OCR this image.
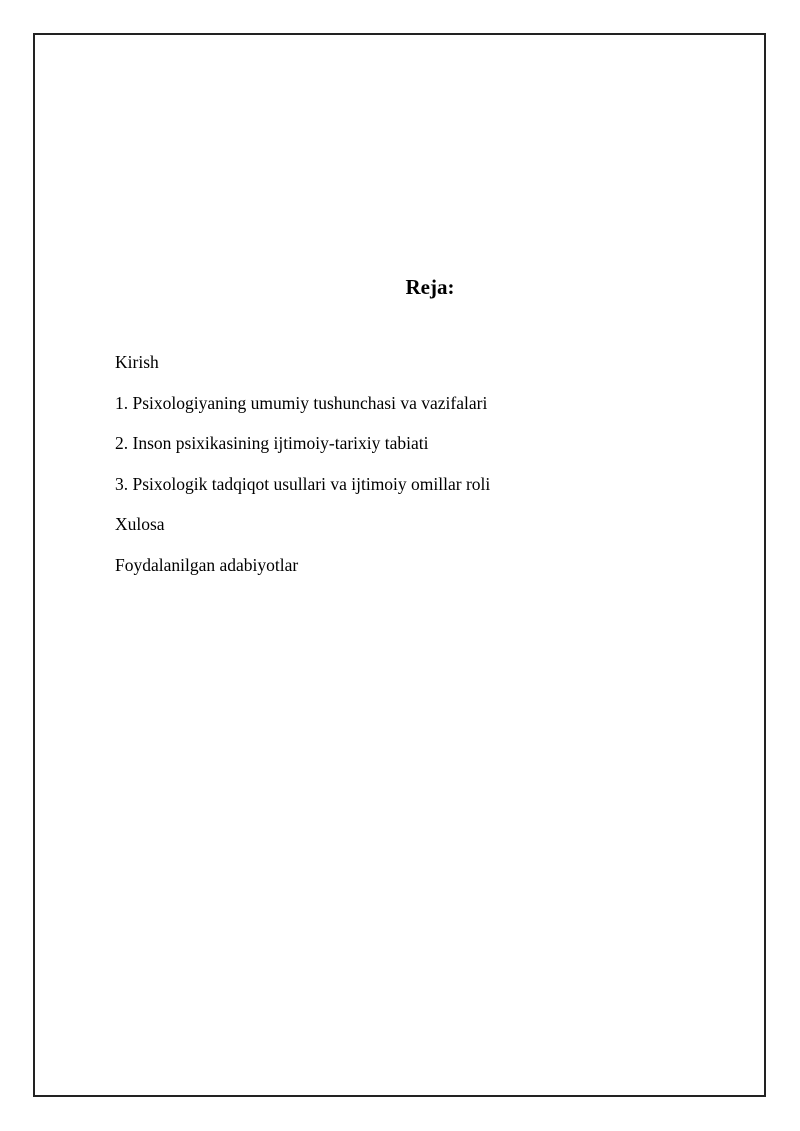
Reja:
Kirish
1. Psixologiyaning umumiy tushunchasi va vazifalari
2. Inson psixikasining ijtimoiy-tarixiy tabiati
3. Psixologik tadqiqot usullari va ijtimoiy omillar roli
Xulosa
Foydalanilgan adabiyotlar
